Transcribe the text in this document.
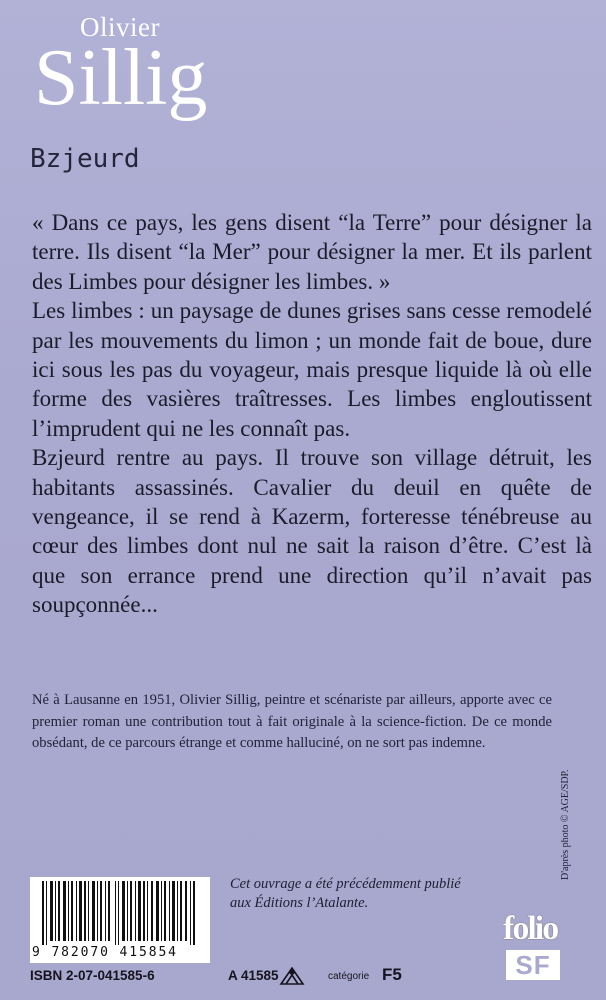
Olivier
Sillig
Bzjeurd

« Dans ce pays, les gens disent “la Terre” pour désigner la terre. Ils disent “la Mer” pour désigner la mer. Et ils parlent des Limbes pour désigner les limbes. »

Les limbes : un paysage de dunes grises sans cesse remodelé par les mouvements du limon ; un monde fait de boue, dure ici sous les pas du voyageur, mais presque liquide là où elle forme des vasières traîtresses. Les limbes engloutissent l’imprudent qui ne les connaît pas.

Bzjeurd rentre au pays. Il trouve son village détruit, les habitants assassinés. Cavalier du deuil en quête de vengeance, il se rend à Kazerm, forteresse ténébreuse au cœur des limbes dont nul ne sait la raison d’être. C’est là que son errance prend une direction qu’il n’avait pas soupçonnée...

Né à Lausanne en 1951, Olivier Sillig, peintre et scénariste par ailleurs, apporte avec ce premier roman une contribution tout à fait originale à la science-fiction. De ce monde obsédant, de ce parcours étrange et comme halluciné, on ne sort pas indemne.
D'après photo © AGE/SDP.
9 782070 415854
Cet ouvrage a été précédemment publié
aux Éditions l’Atalante.
ISBN 2-07-041585-6	A 41585	catégorie F5
folio
SF
